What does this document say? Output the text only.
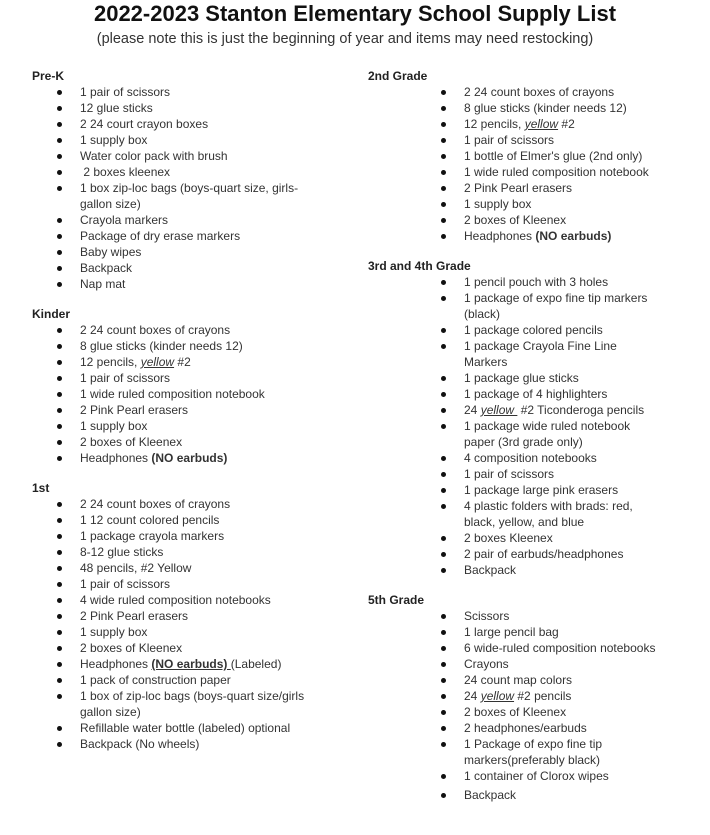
2022-2023 Stanton Elementary School Supply List

(please note this is just the beginning of year and items may need restocking)

Pre-K
1 pair of scissors
12 glue sticks
2 24 court crayon boxes
1 supply box
Water color pack with brush
2 boxes kleenex
1 box zip-loc bags (boys-quart size, girls-
gallon size)
Crayola markers
Package of dry erase markers
Baby wipes
Backpack
Nap mat
Kinder
2 24 count boxes of crayons
8 glue sticks (kinder needs 12)
12 pencils, yellow #2
1 pair of scissors
1 wide ruled composition notebook
2 Pink Pearl erasers
1 supply box
2 boxes of Kleenex
Headphones (NO earbuds)
1st
2 24 count boxes of crayons
1 12 count colored pencils
1 package crayola markers
8-12 glue sticks
48 pencils, #2 Yellow
1 pair of scissors
4 wide ruled composition notebooks
2 Pink Pearl erasers
1 supply box
2 boxes of Kleenex
Headphones (NO earbuds) (Labeled)
1 pack of construction paper
1 box of zip-loc bags (boys-quart size/girls
gallon size)
Refillable water bottle (labeled) optional
Backpack (No wheels)
2nd Grade
2 24 count boxes of crayons
8 glue sticks (kinder needs 12)
12 pencils, yellow #2
1 pair of scissors
1 bottle of Elmer's glue (2nd only)
1 wide ruled composition notebook
2 Pink Pearl erasers
1 supply box
2 boxes of Kleenex
Headphones (NO earbuds)
3rd and 4th Grade
1 pencil pouch with 3 holes
1 package of expo fine tip markers
(black)
1 package colored pencils
1 package Crayola Fine Line
Markers
1 package glue sticks
1 package of 4 highlighters
24 yellow  #2 Ticonderoga pencils
1 package wide ruled notebook
paper (3rd grade only)
4 composition notebooks
1 pair of scissors
1 package large pink erasers
4 plastic folders with brads: red,
black, yellow, and blue
2 boxes Kleenex
2 pair of earbuds/headphones
Backpack
5th Grade
Scissors
1 large pencil bag
6 wide-ruled composition notebooks
Crayons
24 count map colors
24 yellow #2 pencils
2 boxes of Kleenex
2 headphones/earbuds
1 Package of expo fine tip
markers(preferably black)
1 container of Clorox wipes
Backpack
